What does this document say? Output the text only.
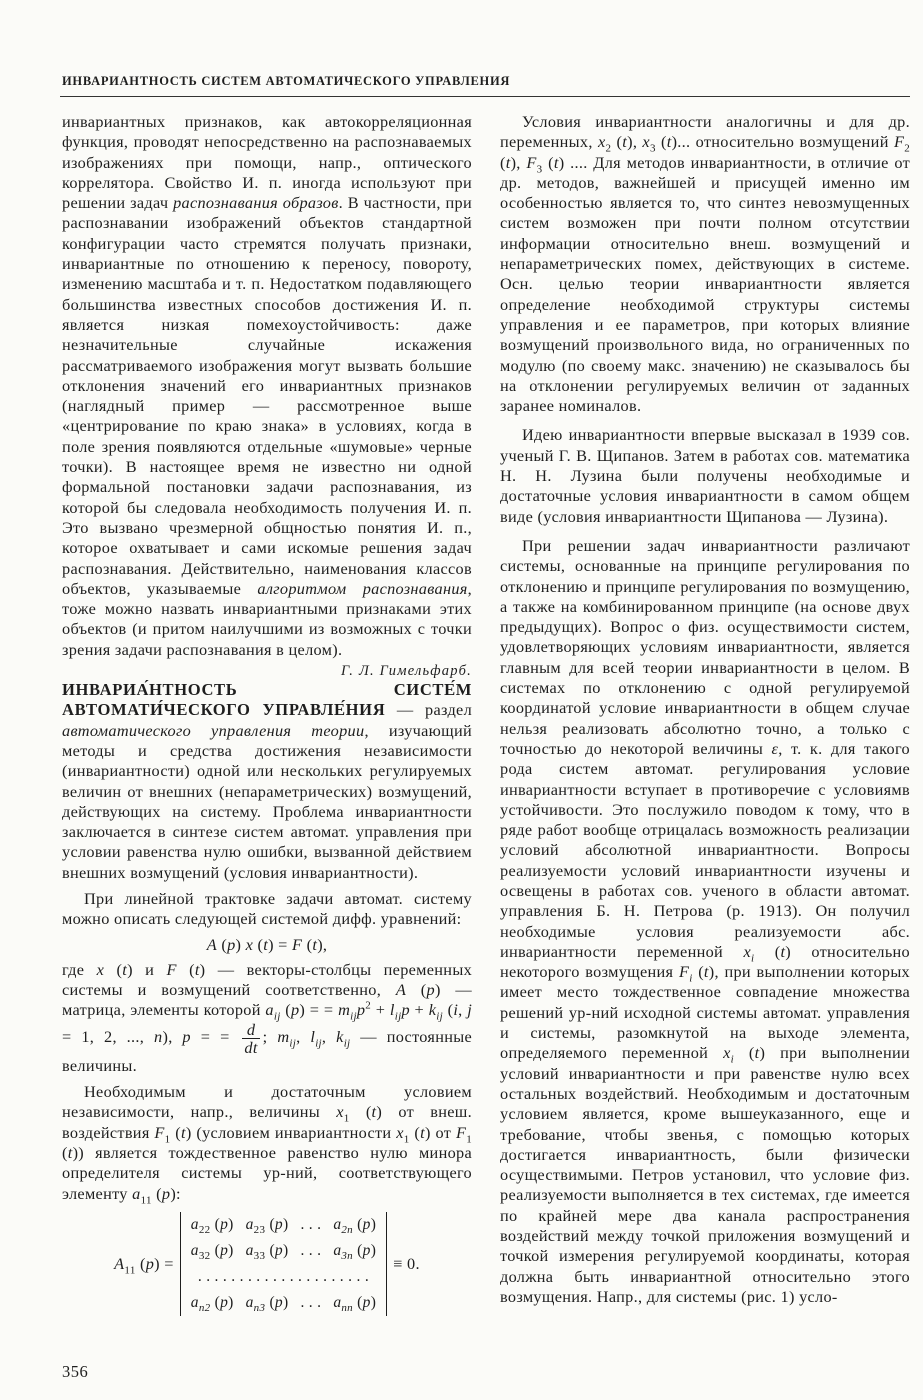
ИНВАРИАНТНОСТЬ СИСТЕМ АВТОМАТИЧЕСКОГО УПРАВЛЕНИЯ

инвариантных признаков, как автокорреляционная функция, проводят непосредственно на распознаваемых изображениях при помощи, напр., оптического коррелятора. Свойство И. п. иногда используют при решении задач распознавания образов. В частности, при распознавании изображений объектов стандартной конфигурации часто стремятся получать признаки, инвариантные по отношению к переносу, повороту, изменению масштаба и т. п. Недостатком подавляющего большинства известных способов достижения И. п. является низкая помехоустойчивость: даже незначительные случайные искажения рассматриваемого изображения могут вызвать большие отклонения значений его инвариантных признаков (наглядный пример — рассмотренное выше «центрирование по краю знака» в условиях, когда в поле зрения появляются отдельные «шумовые» черные точки). В настоящее время не известно ни одной формальной постановки задачи распознавания, из которой бы следовала необходимость получения И. п. Это вызвано чрезмерной общностью понятия И. п., которое охватывает и сами искомые решения задач распознавания. Действительно, наименования классов объектов, указываемые алгоритмом распознавания, тоже можно назвать инвариантными признаками этих объектов (и притом наилучшими из возможных с точки зрения задачи распознавания в целом).

Г. Л. Гимельфарб.

ИНВАРИА́НТНОСТЬ СИСТЕ́М АВТОМАТИ́ЧЕСКОГО УПРАВЛЕ́НИЯ — раздел автоматического управления теории, изучающий методы и средства достижения независимости (инвариантности) одной или нескольких регулируемых величин от внешних (непараметрических) возмущений, действующих на систему. Проблема инвариантности заключается в синтезе систем автомат. управления при условии равенства нулю ошибки, вызванной действием внешних возмущений (условия инвариантности).

При линейной трактовке задачи автомат. систему можно описать следующей системой дифф. уравнений:

A (p) x (t) = F (t),

где x (t) и F (t) — векторы-столбцы переменных системы и возмущений соответственно, A (p) — матрица, элементы которой $a_{ij}$ (p) = = $m_{ij}p^2 + l_{ij}p + k_{ij}$ (i, j = 1, 2, ..., n), p = = $\frac{d}{dt}$ ; $m_{ij}$, $l_{ij}$, $k_{ij}$ — постоянные величины.

Необходимым и достаточным условием независимости, напр., величины $x_1$ (t) от внеш. воздействия $F_1$ (t) (условием инвариантности $x_1$ (t) от $F_1$ (t)) является тождественное равенство нулю минора определителя системы ур-ний, соответствующего элементу $a_{11}$ (p):

$A_{11}$ (p) =
$a_{22}$ (p)	$a_{23}$ (p)	. . .	$a_{2n}$ (p)
$a_{32}$ (p)	$a_{33}$ (p)	. . .	$a_{3n}$ (p)
. . . . . . . . . . . . . . . . . . . . .			
$a_{n2}$ (p)	$a_{n3}$ (p)	. . .	$a_{nn}$ (p)
≡ 0.

Условия инвариантности аналогичны и для др. переменных, $x_2$ (t), $x_3$ (t)... относительно возмущений $F_2$ (t), $F_3$ (t) .... Для методов инвариантности, в отличие от др. методов, важнейшей и присущей именно им особенностью является то, что синтез невозмущенных систем возможен при почти полном отсутствии информации относительно внеш. возмущений и непараметрических помех, действующих в системе. Осн. целью теории инвариантности является определение необходимой структуры системы управления и ее параметров, при которых влияние возмущений произвольного вида, но ограниченных по модулю (по своему макс. значению) не сказывалось бы на отклонении регулируемых величин от заданных заранее номиналов.

Идею инвариантности впервые высказал в 1939 сов. ученый Г. В. Щипанов. Затем в работах сов. математика Н. Н. Лузина были получены необходимые и достаточные условия инвариантности в самом общем виде (условия инвариантности Щипанова — Лузина).

При решении задач инвариантности различают системы, основанные на принципе регулирования по отклонению и принципе регулирования по возмущению, а также на комбинированном принципе (на основе двух предыдущих). Вопрос о физ. осуществимости систем, удовлетворяющих условиям инвариантности, является главным для всей теории инвариантности в целом. В системах по отклонению с одной регулируемой координатой условие инвариантности в общем случае нельзя реализовать абсолютно точно, а только с точностью до некоторой величины ε, т. к. для такого рода систем автомат. регулирования условие инвариантности вступает в противоречие с условиямв устойчивости. Это послужило поводом к тому, что в ряде работ вообще отрицалась возможность реализации условий абсолютной инвариантности. Вопросы реализуемости условий инвариантности изучены и освещены в работах сов. ученого в области автомат. управления Б. Н. Петрова (р. 1913). Он получил необходимые условия реализуемости абс. инвариантности переменной $x_i$ (t) относительно некоторого возмущения $F_i$ (t), при выполнении которых имеет место тождественное совпадение множества решений ур-ний исходной системы автомат. управления и системы, разомкнутой на выходе элемента, определяемого переменной $x_i$ (t) при выполнении условий инвариантности и при равенстве нулю всех остальных воздействий. Необходимым и достаточным условием является, кроме вышеуказанного, еще и требование, чтобы звенья, с помощью которых достигается инвариантность, были физически осуществимыми. Петров установил, что условие физ. реализуемости выполняется в тех системах, где имеется по крайней мере два канала распространения воздействий между точкой приложения возмущений и точкой измерения регулируемой координаты, которая должна быть инвариантной относительно этого возмущения. Напр., для системы (рис. 1) усло-

356
